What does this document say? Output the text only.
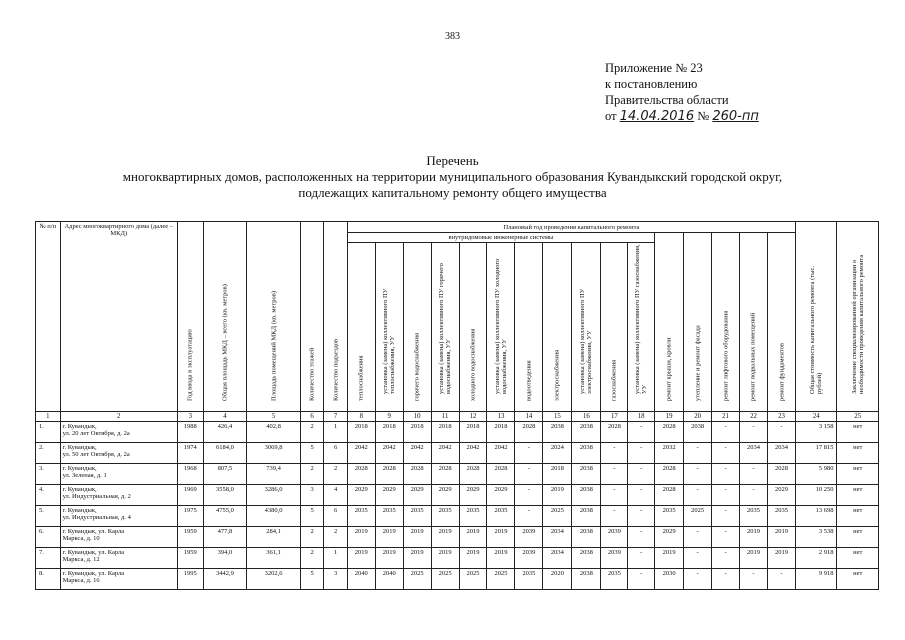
383
Приложение № 23
к постановлению
Правительства области
от 14.04.2016 № 260-пп
Перечень
многоквартирных домов, расположенных на территории муниципального образования Кувандыкский городской округ,
подлежащих капитальному ремонту общего имущества
№ п/п	Адрес многоквартирного дома (далее – МКД)	Год ввода в эксплуатацию	Общая площадь МКД – всего (кв. метров)	Площадь помещений МКД (кв. метров)	Количество этажей	Количество подъездов	Плановый год проведения капитального ремонта																Общая стоимость капитального ремонта (тыс. рублей)	Заключение специализированной организации о необходимости проведения капитального ремонта

							внутридомовые инженерные системы											ремонт крыши, кровли	утепление и ремонт фасада	ремонт лифтового оборудования	ремонт подвальных помещений	ремонт фундаментов		

							теплоснабжения	установка (замена) коллективного ПУ теплоснабжения, УУ	горячего водоснабжения	установка (замена) коллективного ПУ горячего водоснабжения, УУ	холодного водоснабжения	установка (замена) коллективного ПУ холодного водоснабжения, УУ	водоотведения	электроснабжения	установка (замена) коллективного ПУ электроснабжения, УУ	газоснабжения	установка (замена) коллективного ПУ газоснабжения, УУ							

1	2	3	4	5	6	7	8	9	10	11	12	13	14	15	16	17	18	19	20	21	22	23	24	25
1.	г. Кувандык,
ул. 20 лет Октября, д. 2а	1988	426,4	402,8	2	1	2018	2018	2018	2018	2018	2018	2028	2038	2038	2028	-	2028	2038	-	-	-	3 158	нет
2.	г. Кувандык,
ул. 50 лет Октября, д. 2а	1974	6184,0	3069,8	5	6	2042	2042	2042	2042	2042	2042	-	2024	2038	-	-	2032	-	-	2034	2034	17 815	нет
3.	г. Кувандык,
ул. Зеленая, д. 1	1968	807,5	739,4	2	2	2028	2028	2028	2028	2028	2028	-	2018	2038	-	-	2028	-	-	-	2028	5 980	нет
4.	г. Кувандык,
ул. Индустриальная, д. 2	1969	3558,0	3286,0	3	4	2029	2029	2029	2029	2029	2029	-	2019	2038	-	-	2028	-	-	-	2029	10 250	нет
5.	г. Кувандык,
ул. Индустриальная, д. 4	1975	4755,0	4380,0	5	6	2035	2035	2035	2035	2035	2035	-	2025	2038	-	-	2035	2025	-	2035	2035	13 698	нет
6.	г. Кувандык, ул. Карла
Маркса, д. 10	1959	477,8	284,1	2	2	2019	2019	2019	2019	2019	2019	2039	2034	2038	2039	-	2029	-	-	2019	2019	3 538	нет
7.	г. Кувандык, ул. Карла
Маркса, д. 12	1959	394,0	361,1	2	1	2019	2019	2019	2019	2019	2019	2039	2034	2038	2039	-	2019	-	-	2019	2019	2 918	нет
8.	г. Кувандык, ул. Карла
Маркса, д. 16	1995	3442,9	3202,6	5	3	2040	2040	2025	2025	2025	2025	2035	2020	2038	2035	-	2030	-	-	-	-	9 918	нет
